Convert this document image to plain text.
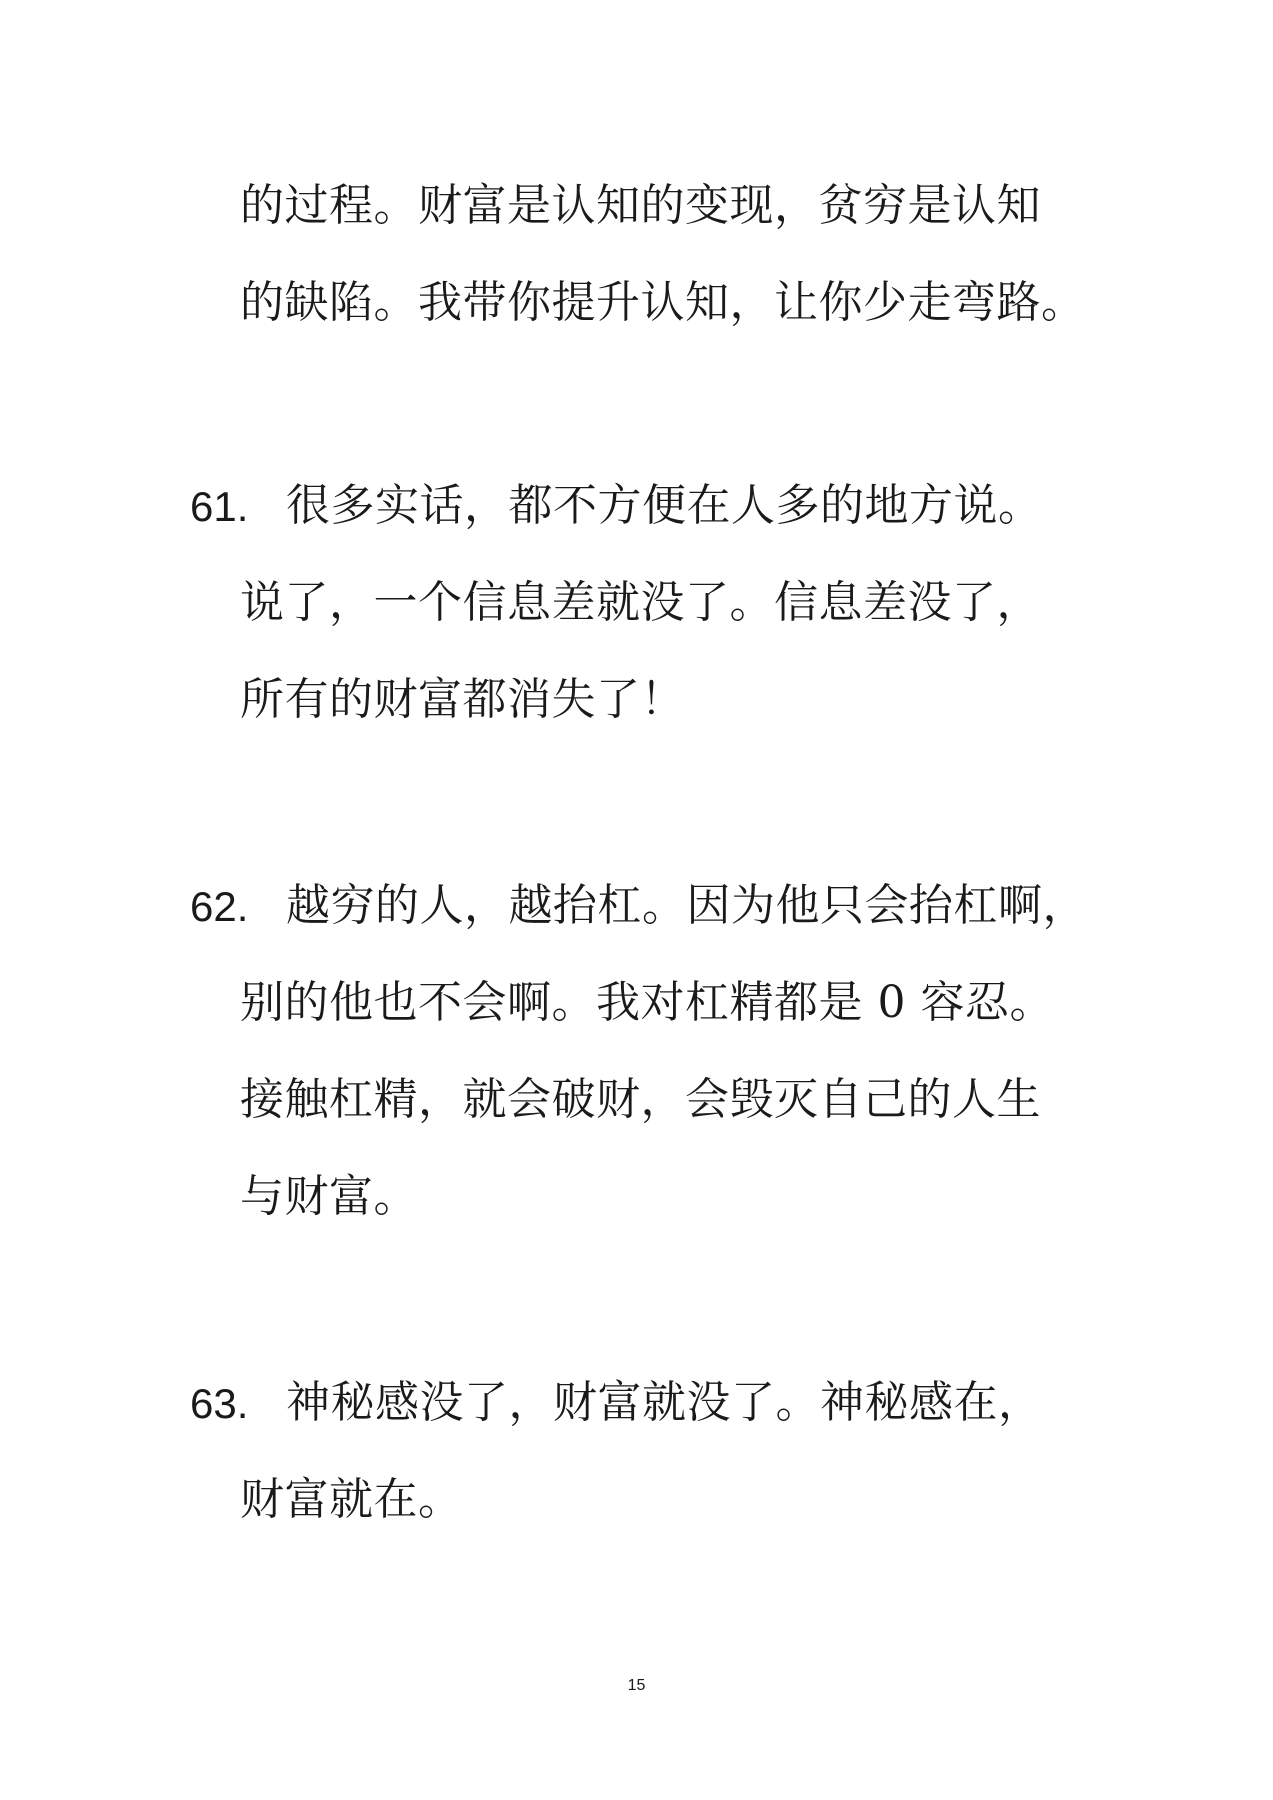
的过程。财富是认知的变现，贫穷是认知
的缺陷。我带你提升认知，让你少走弯路。
61. 很多实话，都不方便在人多的地方说。
说了，一个信息差就没了。信息差没了，
所有的财富都消失了！
62. 越穷的人，越抬杠。因为他只会抬杠啊，
别的他也不会啊。我对杠精都是 0 容忍。
接触杠精，就会破财，会毁灭自己的人生
与财富。
63. 神秘感没了，财富就没了。神秘感在，
财富就在。
15
